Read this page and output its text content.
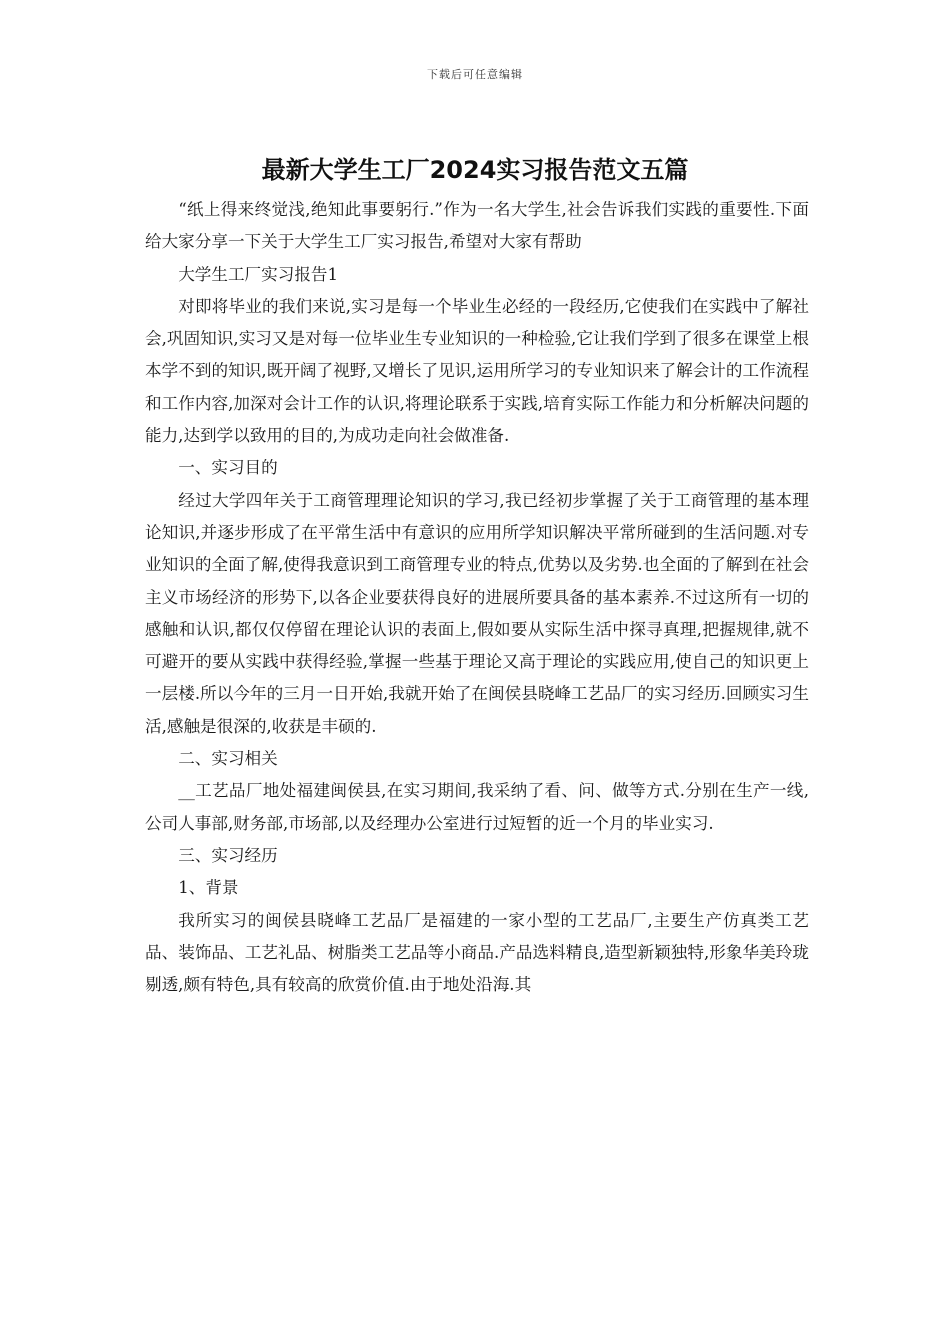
下载后可任意编辑
最新大学生工厂2024实习报告范文五篇

“纸上得来终觉浅,绝知此事要躬行.”作为一名大学生,社会告诉我们实践的重要性.下面给大家分享一下关于大学生工厂实习报告,希望对大家有帮助

大学生工厂实习报告1

对即将毕业的我们来说,实习是每一个毕业生必经的一段经历,它使我们在实践中了解社会,巩固知识,实习又是对每一位毕业生专业知识的一种检验,它让我们学到了很多在课堂上根本学不到的知识,既开阔了视野,又增长了见识,运用所学习的专业知识来了解会计的工作流程和工作内容,加深对会计工作的认识,将理论联系于实践,培育实际工作能力和分析解决问题的能力,达到学以致用的目的,为成功走向社会做准备.

一、实习目的

经过大学四年关于工商管理理论知识的学习,我已经初步掌握了关于工商管理的基本理论知识,并逐步形成了在平常生活中有意识的应用所学知识解决平常所碰到的生活问题.对专业知识的全面了解,使得我意识到工商管理专业的特点,优势以及劣势.也全面的了解到在社会主义市场经济的形势下,以各企业要获得良好的进展所要具备的基本素养.不过这所有一切的感触和认识,都仅仅停留在理论认识的表面上,假如要从实际生活中探寻真理,把握规律,就不可避开的要从实践中获得经验,掌握一些基于理论又高于理论的实践应用,使自己的知识更上一层楼.所以今年的三月一日开始,我就开始了在闽侯县晓峰工艺品厂的实习经历.回顾实习生活,感触是很深的,收获是丰硕的.

二、实习相关

__工艺品厂地处福建闽侯县,在实习期间,我采纳了看、问、做等方式.分别在生产一线,公司人事部,财务部,市场部,以及经理办公室进行过短暂的近一个月的毕业实习.

三、实习经历

1、背景

我所实习的闽侯县晓峰工艺品厂是福建的一家小型的工艺品厂,主要生产仿真类工艺品、装饰品、工艺礼品、树脂类工艺品等小商品.产品选料精良,造型新颖独特,形象华美玲珑剔透,颇有特色,具有较高的欣赏价值.由于地处沿海.其
